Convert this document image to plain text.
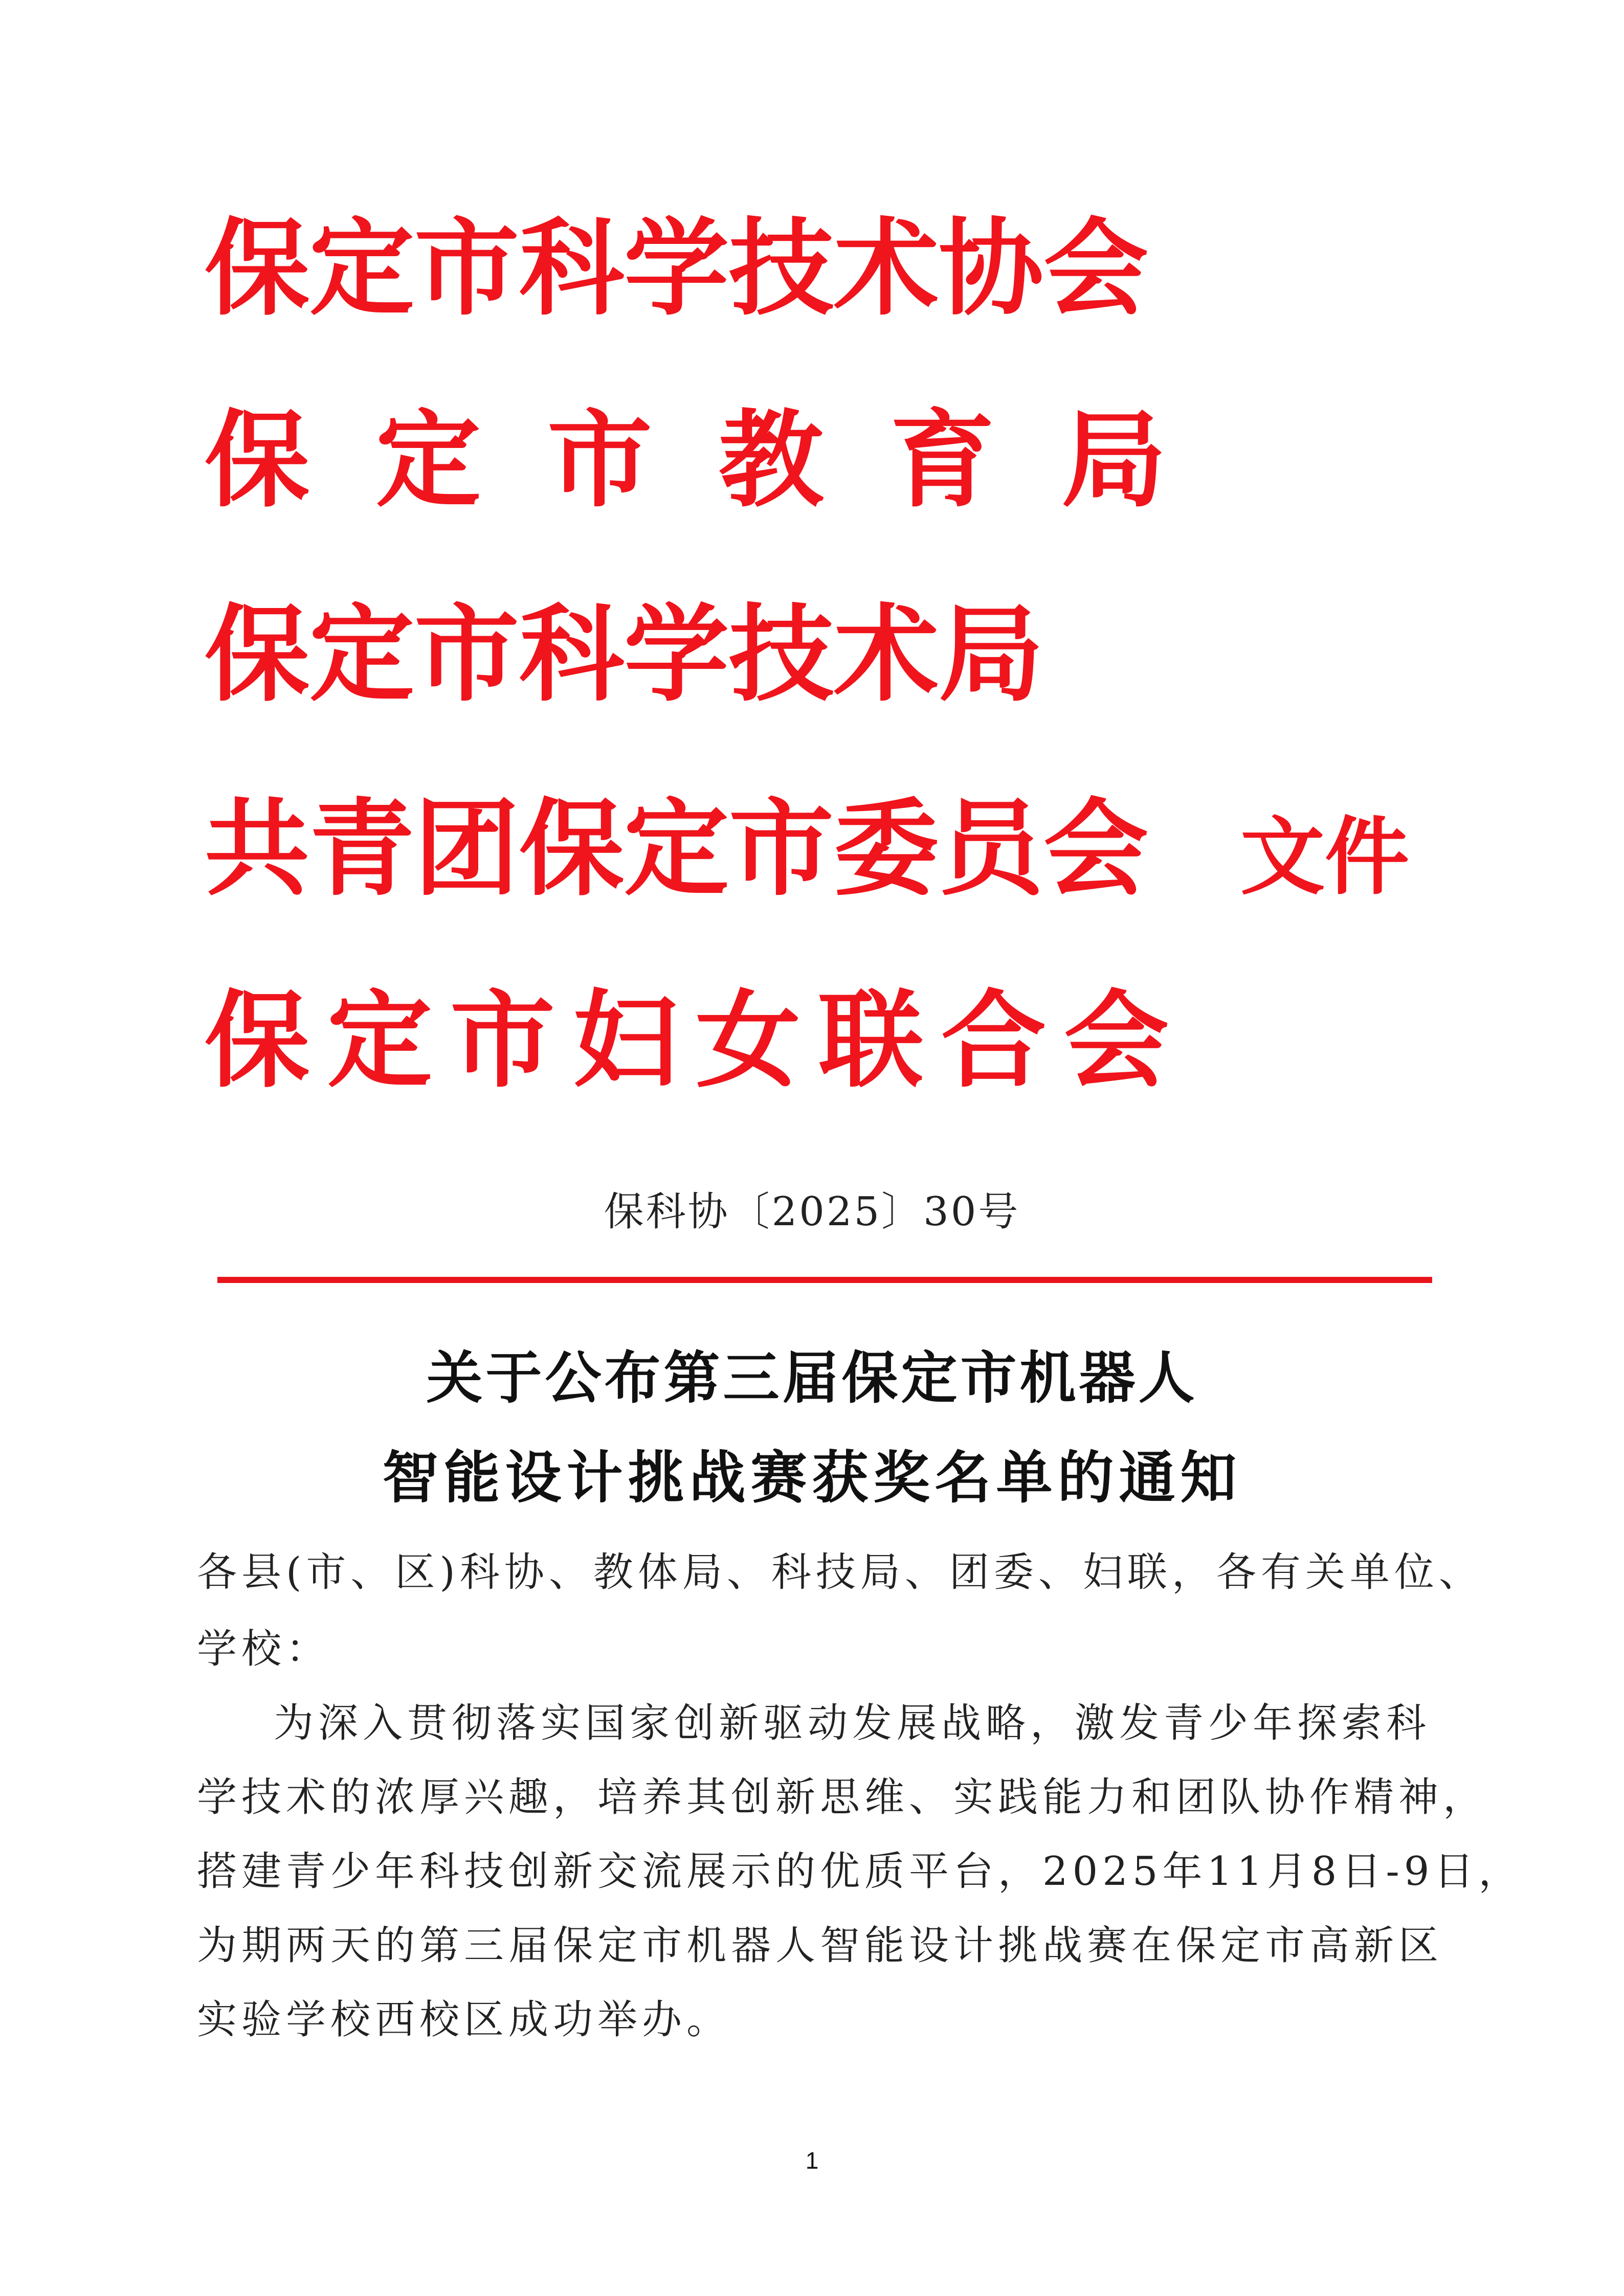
保定市科学技术协会
保定市教育局
保定市科学技术局
共青团保定市委员会
保定市妇女联合会
文件
保科协〔2025〕30号
关于公布第三届保定市机器人
智能设计挑战赛获奖名单的通知
各县(市、区)科协、教体局、科技局、团委、妇联，各有关单位、
学校：
为深入贯彻落实国家创新驱动发展战略，激发青少年探索科
学技术的浓厚兴趣，培养其创新思维、实践能力和团队协作精神，
搭建青少年科技创新交流展示的优质平台，2025年11月8日-9日，
为期两天的第三届保定市机器人智能设计挑战赛在保定市高新区
实验学校西校区成功举办。
1
